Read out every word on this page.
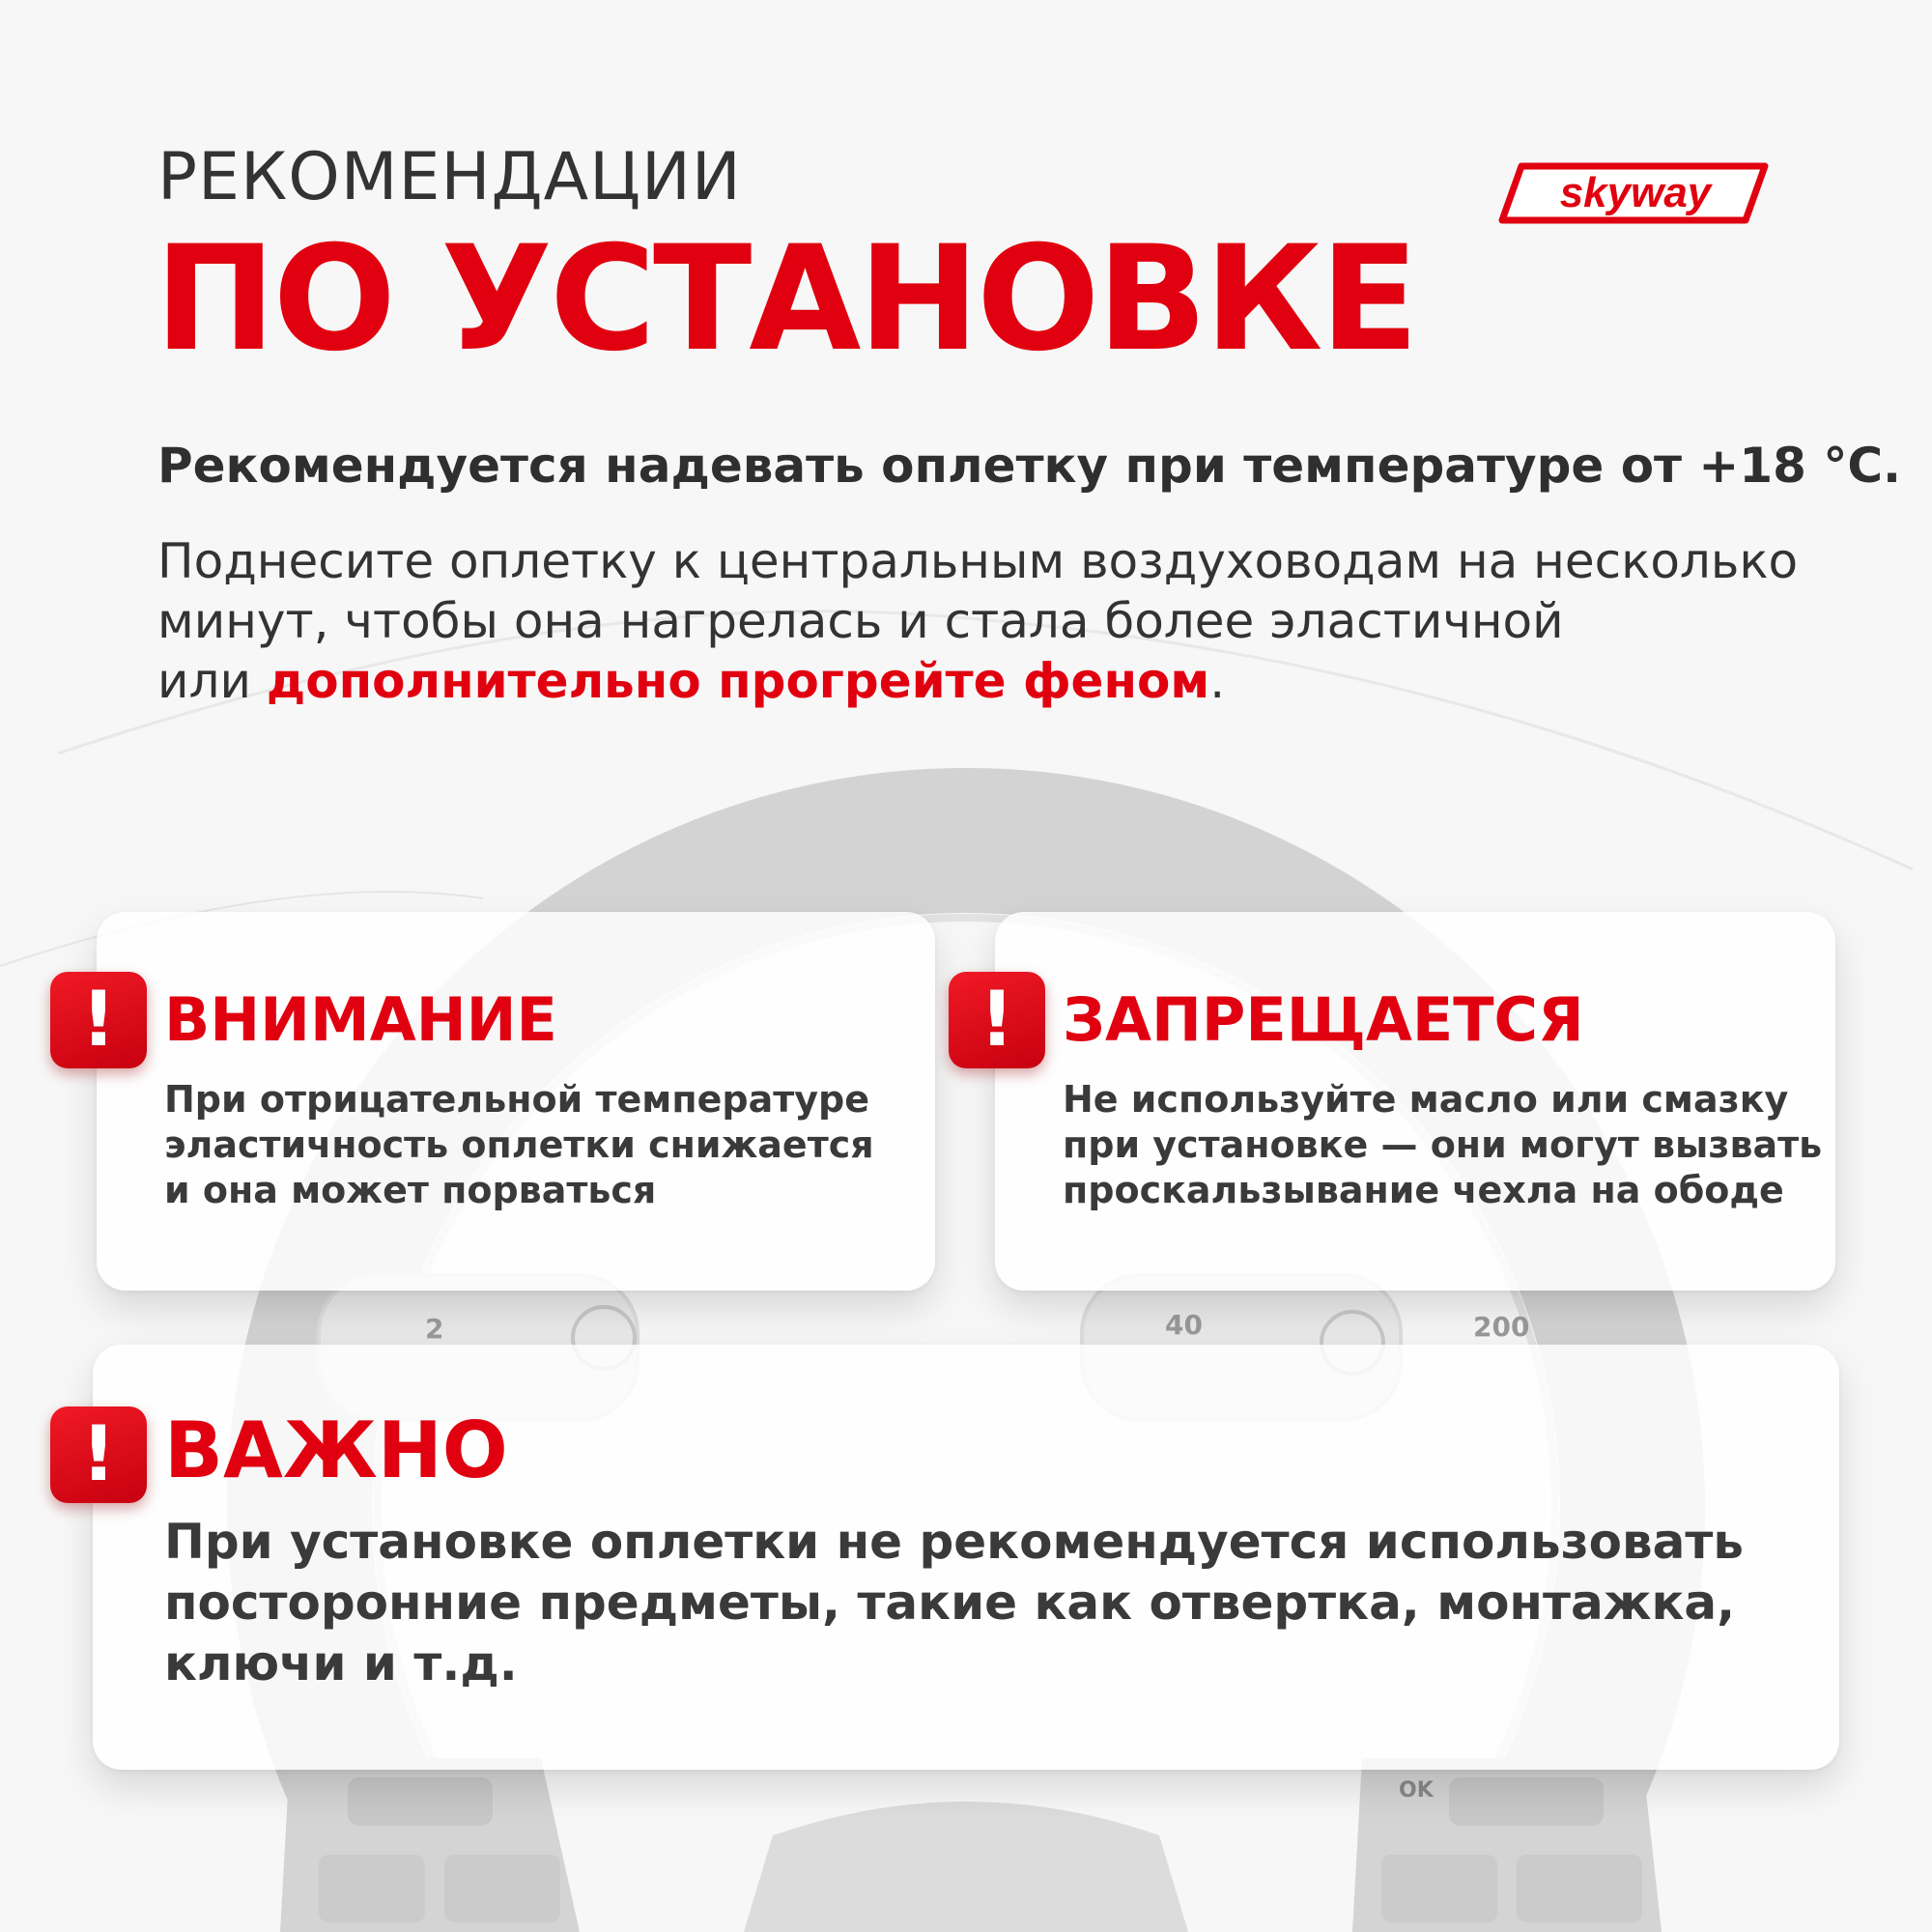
2	40	200
OK
РЕКОМЕНДАЦИИ
ПО УСТАНОВКЕ
skyway
Рекомендуется надевать оплетку при температуре от +18 °С.
Поднесите оплетку к центральным воздуховодам на несколько
минут, чтобы она нагрелась и стала более эластичной
или дополнительно прогрейте феном.
! ВНИМАНИЕ
При отрицательной температуре
эластичность оплетки снижается
и она может порваться
! ЗАПРЕЩАЕТСЯ
Не используйте масло или смазку
при установке — они могут вызвать
проскальзывание чехла на ободе
! ВАЖНО
При установке оплетки не рекомендуется использовать
посторонние предметы, такие как отвертка, монтажка,
ключи и т.д.
